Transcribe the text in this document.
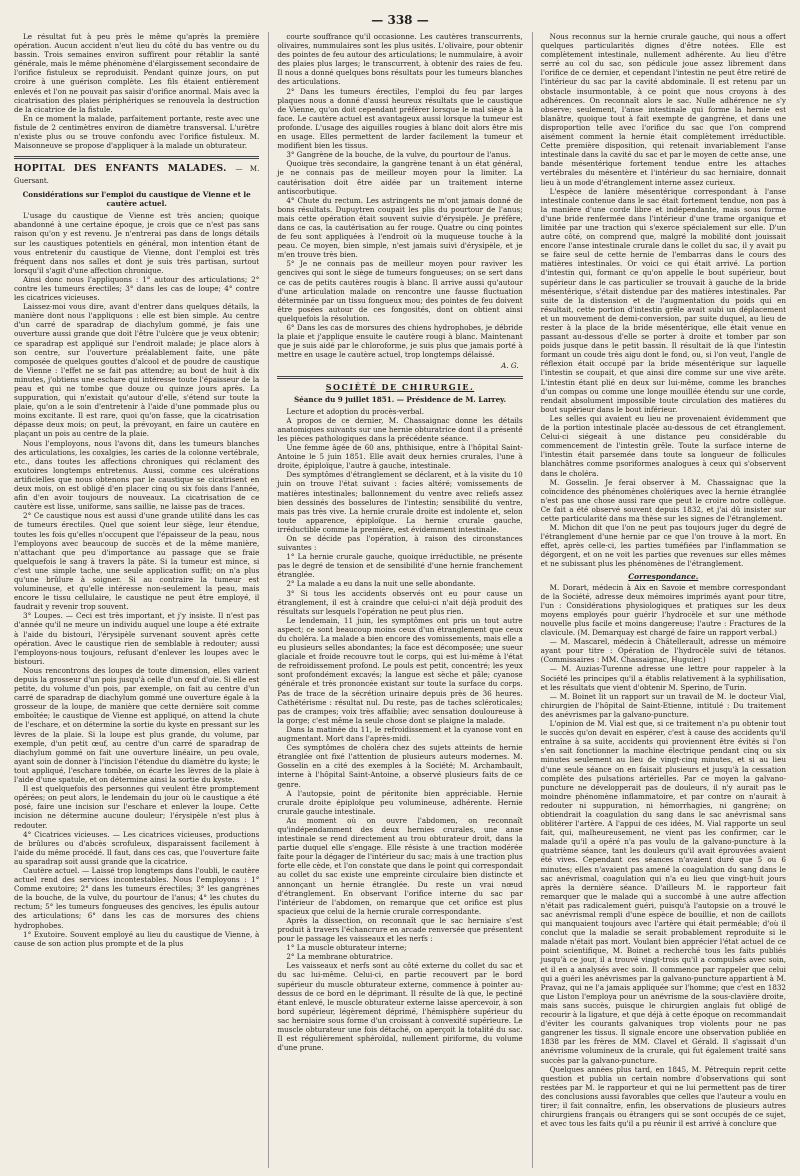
— 338 —

Le résultat fut à peu près le même qu'après la première opération. Aucun accident n'eut lieu du côté du bas ventre ou du bassin. Trois semaines environ suffirent pour rétablir la santé générale, mais le même phénomène d'élargissement secondaire de l'orifice fistuleux se reproduisit. Pendant quinze jours, on put croire à une guérison complète. Les fils étaient entièrement enlevés et l'on ne pouvait pas saisir d'orifice anormal. Mais avec la cicatrisation des plaies périphériques se renouvela la destruction de la cicatrice de la fistule.

En ce moment la malade, parfaitement portante, reste avec une fistule de 2 centimètres environ de diamètre transversal. L'urètre n'existe plus ou se trouve confondu avec l'orifice fistuleux. M. Maisonneuve se propose d'appliquer à la malade un obturateur.

HOPITAL DES ENFANTS MALADES. — M. Guersant.
Considérations sur l'emploi du caustique de Vienne et le cautère actuel.

L'usage du caustique de Vienne est très ancien; quoique abandonné à une certaine époque, je crois que ce n'est pas sans raison qu'on y est revenu. Je n'entrerai pas dans de longs détails sur les caustiques potentiels en général, mon intention étant de vous entretenir du caustique de Vienne, dont l'emploi est très fréquent dans nos salles et dont je suis très partisan, surtout lorsqu'il s'agit d'une affection chronique.

Ainsi donc nous l'appliquons : 1° autour des articulations; 2° contre les tumeurs érectiles; 3° dans les cas de loupe; 4° contre les cicatrices vicieuses.

Laissez-moi vous dire, avant d'entrer dans quelques détails, la manière dont nous l'appliquons : elle est bien simple. Au centre d'un carré de sparadrap de diachylum gommé, je fais une ouverture aussi grande que doit l'être l'ulcère que je veux obtenir; ce sparadrap est appliqué sur l'endroit malade; je place alors à son centre, sur l'ouverture préalablement faite, une pâte composée de quelques gouttes d'alcool et de poudre de caustique de Vienne : l'effet ne se fait pas attendre; au bout de huit à dix minutes, j'obtiens une eschare qui intéresse toute l'épaisseur de la peau et qui ne tombe que douze ou quinze jours après. La suppuration, qui n'existait qu'autour d'elle, s'étend sur toute la plaie, qu'on a le soin d'entretenir à l'aide d'une pommade plus ou moins excitante. Il est rare, quoi qu'on fasse, que la cicatrisation dépasse deux mois; on peut, la prévoyant, en faire un cautère en plaçant un pois au centre de la plaie.

Nous l'employons, nous l'avons dit, dans les tumeurs blanches des articulations, les coxalgies, les caries de la colonne vertébrale, etc., dans toutes les affections chroniques qui réclament des exutoires longtemps entretenus. Aussi, comme ces ulcérations artificielles que nous obtenons par le caustique se cicatrisent en deux mois, on est obligé d'en placer cinq ou six fois dans l'année, afin d'en avoir toujours de nouveaux. La cicatrisation de ce cautère est lisse, uniforme, sans saillie, ne laisse pas de traces.

2° Ce caustique nous est aussi d'une grande utilité dans les cas de tumeurs érectiles. Quel que soient leur siège, leur étendue, toutes les fois qu'elles n'occupent que l'épaisseur de la peau, nous l'employons avec beaucoup de succès et de la même manière, n'attachant que peu d'importance au passage que se fraie quelquefois le sang à travers la pâte. Si la tumeur est mince, si c'est une simple tache, une seule application suffit; on n'a plus qu'une brûlure à soigner. Si au contraire la tumeur est volumineuse, et qu'elle intéresse non-seulement la peau, mais encore le tissu cellulaire, le caustique ne peut être employé, il faudrait y revenir trop souvent.

3° Loupes. — Ceci est très important, et j'y insiste. Il n'est pas d'année qu'il ne meure un individu auquel une loupe a été extraite à l'aide du bistouri, l'érysipèle survenant souvent après cette opération. Avec le caustique rien de semblable à redouter; aussi l'employons-nous toujours, refusant d'enlever les loupes avec le bistouri.

Nous rencontrons des loupes de toute dimension, elles varient depuis la grosseur d'un pois jusqu'à celle d'un œuf d'oie. Si elle est petite, du volume d'un pois, par exemple, on fait au centre d'un carré de sparadrap de diachylum gommé une ouverture égale à la grosseur de la loupe, de manière que cette dernière soit comme emboîtée; le caustique de Vienne est appliqué, on attend la chute de l'eschare, et on détermine la sortie du kyste en pressant sur les lèvres de la plaie. Si la loupe est plus grande, du volume, par exemple, d'un petit œuf, au centre d'un carré de sparadrap de diachylum gommé on fait une ouverture linéaire, un peu ovale, ayant soin de donner à l'incision l'étendue du diamètre du kyste; le tout appliqué, l'eschare tombée, on écarte les lèvres de la plaie à l'aide d'une spatule, et on détermine ainsi la sortie du kyste.

Il est quelquefois des personnes qui veulent être promptement opérées; on peut alors, le lendemain du jour où le caustique a été posé, faire une incision sur l'eschare et enlever la loupe. Cette incision ne détermine aucune douleur; l'érysipèle n'est plus à redouter.

4° Cicatrices vicieuses. — Les cicatrices vicieuses, productions de brûlures ou d'abcès scrofuleux, disparaissent facilement à l'aide du même procédé. Il faut, dans ces cas, que l'ouverture faite au sparadrap soit aussi grande que la cicatrice.

Cautère actuel. — Laissé trop longtemps dans l'oubli, le cautère actuel rend des services incontestables. Nous l'employons : 1° Comme exutoire; 2° dans les tumeurs érectiles; 3° les gangrènes de la bouche, de la vulve, du pourtour de l'anus; 4° les chutes du rectum; 5° les tumeurs fongueuses des gencives, les épulis autour des articulations; 6° dans les cas de morsures des chiens hydrophobes.

1° Exutoire. Souvent employé au lieu du caustique de Vienne, à cause de son action plus prompte et de la plus

courte souffrance qu'il occasionne. Les cautères transcurrents, olivaires, nummulaires sont les plus usités. L'olivaire, pour obtenir des pointes de feu autour des articulations; le nummulaire, à avoir des plaies plus larges; le transcurrent, à obtenir des raies de feu. Il nous a donné quelques bons résultats pour les tumeurs blanches des articulations.

2° Dans les tumeurs érectiles, l'emploi du feu par larges plaques nous a donné d'aussi heureux résultats que le caustique de Vienne, qu'on doit cependant préférer lorsque le mal siège à la face. Le cautère actuel est avantageux aussi lorsque la tumeur est profonde. L'usage des aiguilles rougies à blanc doit alors être mis en usage. Elles permettent de larder facilement la tumeur et modifient bien les tissus.

3° Gangrène de la bouche, de la vulve, du pourtour de l'anus.

Quoique très secondaire, la gangrène tenant à un état général, je ne connais pas de meilleur moyen pour la limiter. La cautérisation doit être aidée par un traitement interne antiscorbutique.

4° Chute du rectum. Les astringents ne m'ont jamais donné de bons résultats. Dupuytren coupait les plis du pourtour de l'anus; mais cette opération était souvent suivie d'érysipèle. Je préfère, dans ce cas, la cautérisation au fer rouge. Quatre ou cinq pointes de feu sont appliquées à l'endroit où la muqueuse touche à la peau. Ce moyen, bien simple, n'est jamais suivi d'érysipèle, et je m'en trouve très bien.

5° Je ne connais pas de meilleur moyen pour raviver les gencives qui sont le siège de tumeurs fongueuses; on se sert dans ce cas de petits cautères rougis à blanc. Il arrive aussi qu'autour d'une articulation malade on rencontre une fausse fluctuation déterminée par un tissu fongueux mou; des pointes de feu doivent être posées autour de ces fongosités, dont on obtient ainsi quelquefois la résolution.

6° Dans les cas de morsures des chiens hydrophobes, je débride la plaie et j'applique ensuite le cautère rougi à blanc. Maintenant que je suis aidé par le chloroforme, je suis plus que jamais porté à mettre en usage le cautère actuel, trop longtemps délaissé.

A. G.
SOCIÉTÉ DE CHIRURGIE.
Séance du 9 juillet 1851. — Présidence de M. Larrey.

Lecture et adoption du procès-verbal.

A propos de ce dernier, M. Chassaignac donne les détails anatomiques suivants sur une hernie obturatrice dont il a présenté les pièces pathologiques dans la précédente séance.

Une femme âgée de 60 ans, phthisique, entre à l'hôpital Saint-Antoine le 5 juin 1851. Elle avait deux hernies crurales, l'une à droite, épiploïque, l'autre à gauche, intestinale.

Des symptômes d'étranglement se déclarent, et à la visite du 10 juin on trouve l'état suivant : facies altéré; vomissements de matières intestinales; ballonnement du ventre avec reliefs assez bien dessinés des bosselures de l'intestin; sensibilité du ventre, mais pas très vive. La hernie crurale droite est indolente et, selon toute apparence, épiploïque. La hernie crurale gauche, irréductible comme la première, est évidemment intestinale.

On se décide pas l'opération, à raison des circonstances suivantes :

1° La hernie crurale gauche, quoique irréductible, ne présente pas le degré de tension et de sensibilité d'une hernie franchement étranglée.

2° La malade a eu dans la nuit une selle abondante.

3° Si tous les accidents observés ont eu pour cause un étranglement, il est à craindre que celui-ci n'ait déjà produit des résultats sur lesquels l'opération ne peut plus rien.

Le lendemain, 11 juin, les symptômes ont pris un tout autre aspect; ce sont beaucoup moins ceux d'un étranglement que ceux du choléra. La malade a bien encore des vomissements, mais elle a eu plusieurs selles abondantes; la face est décomposée; une sueur glaciale et froide recouvre tout le corps, qui est lui-même à l'état de refroidissement profond. Le pouls est petit, concentré; les yeux sont profondément excavés; la langue est sèche et pâle; cyanose générale et très prononcée existant sur toute la surface du corps. Pas de trace de la sécrétion urinaire depuis près de 36 heures. Cathétérisme : résultat nul. Du reste, pas de taches scléroticales; pas de crampes; voix très affaiblie; avec sensation douloureuse à la gorge; c'est même la seule chose dont se plaigne la malade.

Dans la matinée du 11, le refroidissement et la cyanose vont en augmentant. Mort dans l'après-midi.

Ces symptômes de choléra chez des sujets atteints de hernie étranglée ont fixé l'attention de plusieurs auteurs modernes. M. Gosselin en a cité des exemples à la Société; M. Archambault, interne à l'hôpital Saint-Antoine, a observé plusieurs faits de ce genre.

A l'autopsie, point de péritonite bien appréciable. Hernie crurale droite épiploïque peu volumineuse, adhérente. Hernie crurale gauche intestinale.

Au moment où on ouvre l'abdomen, on reconnaît qu'indépendamment des deux hernies crurales, une anse intestinale se rend directement au trou obturateur droit, dans la partie duquel elle s'engage. Elle résiste à une traction modérée faite pour la dégager de l'intérieur du sac; mais à une traction plus forte elle cède, et l'on constate que dans le point qui correspondait au collet du sac existe une empreinte circulaire bien distincte et annonçant un hernie étranglée. Du reste un vrai nœud d'étranglement. En observant l'orifice interne du sac par l'intérieur de l'abdomen, on remarque que cet orifice est plus spacieux que celui de la hernie crurale correspondante.

Après la dissection, on reconnaît que le sac herniaire s'est produit à travers l'échancrure en arcade renversée que présentent pour le passage les vaisseaux et les nerfs :

1° La muscle obturateur interne;

2° La membrane obturatrice.

Les vaisseaux et nerfs sont au côté externe du collet du sac et du sac lui-même. Celui-ci, en partie recouvert par le bord supérieur du muscle obturateur externe, commence à pointer au-dessus de ce bord en le déprimant. Il résulte de là que, le pectiné étant enlevé, le muscle obturateur externe laisse apercevoir, à son bord supérieur, légèrement déprimé, l'hémisphère supérieur du sac herniaire sous forme d'un croissant à convexité supérieure. Le muscle obturateur une fois détaché, on aperçoit la totalité du sac. Il est régulièrement sphéroïdal, nullement piriforme, du volume d'une prune.

Nous reconnus sur la hernie crurale gauche, qui nous a offert quelques particularités dignes d'être notées. Elle est complètement intestinale, nullement adhérente. Au lieu d'être serré au col du sac, son pédicule joue assez librement dans l'orifice de ce dernier, et cependant l'intestin ne peut être retiré de l'intérieur du sac par la cavité abdominale. Il est retenu par un obstacle insurmontable, à ce point que nous croyons à des adhérences. On reconnaît alors le sac. Nulle adhérence ne s'y observe; seulement, l'anse intestinale qui forme la hernie est blanâtre, quoique tout à fait exempte de gangrène, et dans une disproportion telle avec l'orifice du sac que l'on comprend aisément comment la hernie était complètement irréductible. Cette première disposition, qui retenait invariablement l'anse intestinale dans la cavité du sac et par le moyen de cette anse, une bande mésentérique fortement tendue entre les attaches vertébrales du mésentère et l'intérieur du sac herniaire, donnait lieu à un mode d'étranglement interne assez curieux.

L'espèce de lanière mésentérique correspondant à l'anse intestinale contenue dans le sac était fortement tendue, non pas à la manière d'une corde libre et indépendante, mais sous forme d'une bride renfermée dans l'intérieur d'une trame organique et limitée par une traction qui s'exerce spécialement sur elle. D'un autre côté, on comprend que, malgré la mobilité dont jouissait encore l'anse intestinale crurale dans le collet du sac, il y avait pu se faire seul de cette hernie de l'embarras dans le cours des matières intestinales. Or voici ce qui était arrivé. La portion d'intestin qui, formant ce qu'on appelle le bout supérieur, bout supérieur dans le cas particulier se trouvait à gauche de la bride mésentérique, s'était distendue par des matières intestinales. Par suite de la distension et de l'augmentation du poids qui en résultait, cette portion d'intestin grêle avait subi un déplacement et un mouvement de demi-conversion, par suite duquel, au lieu de rester à la place de la bride mésentérique, elle était venue en passant au-dessous d'elle se porter à droite et tomber par son poids jusque dans le petit bassin. Il résultait de là que l'intestin formant un coude très aigu dont le fond, ou, si l'on veut, l'angle de réflexion était occupé par la bride mésentérique sur laquelle l'intestin se coupait, et que ainsi dire comme sur une vive arête. L'intestin étant plié en deux sur lui-même, comme les branches d'un compas ou comme une longe mouillée étendu sur une corde, rendait absolument impossible toute circulation des matières du bout supérieur dans le bout inférieur.

Les selles qui avaient eu lieu ne provenaient évidemment que de la portion intestinale placée au-dessous de cet étranglement. Celui-ci siégeait à une distance peu considérable du commencement de l'intestin grêle. Toute la surface interne de l'intestin était parsemée dans toute sa longueur de follicules blanchâtres comme psoriformes analogues à ceux qui s'observent dans le choléra.

M. Gosselin. Je ferai observer à M. Chassaignac que la coïncidence des phénomènes cholériques avec la hernie étranglée n'est pas une chose aussi rare que peut le croire notre collègue. Ce fait a été observé souvent depuis 1832, et j'ai dû insister sur cette particularité dans ma thèse sur les signes de l'étranglement.

M. Michon dit que l'on ne peut pas toujours juger du degré de l'étranglement d'une hernie par ce que l'on trouve à la mort. En effet, après celle-ci, les parties tuméfiées par l'inflammation se dégorgent, et on ne voit les parties que revenues sur elles mêmes et ne subissant plus les phénomènes de l'étranglement.

Correspondance.

M. Dorart, médecin à Aix en Savoie et membre correspondant de la Société, adresse deux mémoires imprimés ayant pour titre, l'un : Considérations physiologiques et pratiques sur les deux moyens employés pour guérir l'hydrocèle et sur une méthode nouvelle plus facile et moins dangereuse; l'autre : Fractures de la clavicule. (M. Demarquay est chargé de faire un rapport verbal.)

— M. Mascarel, médecin à Châtellerault, adresse un mémoire ayant pour titre : Opération de l'hydrocèle suivi de tétanos. (Commissaires : MM. Chassaignac, Huguier.)

— M. Auzias-Turenne adresse une lettre pour rappeler à la Société les principes qu'il a établis relativement à la syphilisation, et les résultats que vient d'obtenir M. Sperino, de Turin.

— M. Boinet lit un rapport sur un travail de M. le docteur Vial, chirurgien de l'hôpital de Saint-Etienne, intitulé : Du traitement des anévrismes par la galvano-puncture.

L'opinion de M. Vial est que, si ce traitement n'a pu obtenir tout le succès qu'on devait en espérer, c'est à cause des accidents qu'il entraîne à sa suite, accidents qui proviennent être évités si l'on s'en sait fonctionner la machine électrique pendant cinq ou six minutes seulement au lieu de vingt-cinq minutes, et si au lieu d'une seule séance on en faisait plusieurs et jusqu'à la cessation complète des pulsations artérielles. Par ce moyen la galvano-puncture ne développerait pas de douleurs, il n'y aurait pas le moindre phénomène inflammatoire, et par contre on n'aurait à redouter ni suppuration, ni hémorrhagies, ni gangrène; on obtiendrait la coagulation du sang dans le sac anévrismal sans oblitérer l'artère. A l'appui de ces idées, M. Vial rapporte un seul fait, qui, malheureusement, ne vient pas les confirmer, car le malade qu'il a opéré n'a pas voulu de la galvano-puncture à la quatrième séance, tant les douleurs qu'il avait éprouvées avaient été vives. Cependant ces séances n'avaient duré que 5 ou 6 minutes; elles n'avaient pas amené la coagulation du sang dans le sac anévrismal, coagulation qui n'a eu lieu que vingt-huit jours après la dernière séance. D'ailleurs M. le rapporteur fait remarquer que le malade qui a succombé à une autre affection n'était pas radicalement guéri, puisqu'à l'autopsie on a trouvé le sac anévrismal rempli d'une espèce de bouillie, et non de caillots qui manquaient toujours avec l'artère qui était perméable; d'où il conclut que la maladie se serait probablement reproduite si le malade n'était pas mort. Voulant bien apprécier l'état actuel de ce point scientifique, M. Boinet a recherché tous les faits publiés jusqu'à ce jour, il a trouvé vingt-trois qu'il a compulsés avec soin, et il en a analysés avec soin. Il commence par rappeler que celui qui a guéri les anévrismes par la galvano-puncture appartient à M. Pravaz, qui ne l'a jamais appliquée sur l'homme; que c'est en 1832 que Liston l'employa pour un anévrisme de la sous-clavière droite, mais sans succès, puisque le chirurgien anglais fut obligé de recourir à la ligature, et que déjà à cette époque on recommandait d'éviter les courants galvaniques trop violents pour ne pas gangrener les tissus. Il signale encore une observation publiée en 1838 par les frères de MM. Clavel et Gérald. Il s'agissait d'un anévrisme volumineux de la crurale, qui fut également traité sans succès par la galvano-puncture.

Quelques années plus tard, en 1845, M. Pétrequin reprit cette question et publia un certain nombre d'observations qui sont restées par M. le rapporteur et qui ne lui permettent pas de tirer des conclusions aussi favorables que celles que l'auteur a voulu en tirer; il fait connaître, enfin, les observations de plusieurs autres chirurgiens français ou étrangers qui se sont occupés de ce sujet, et avec tous les faits qu'il a pu réunir il est arrivé à conclure que
